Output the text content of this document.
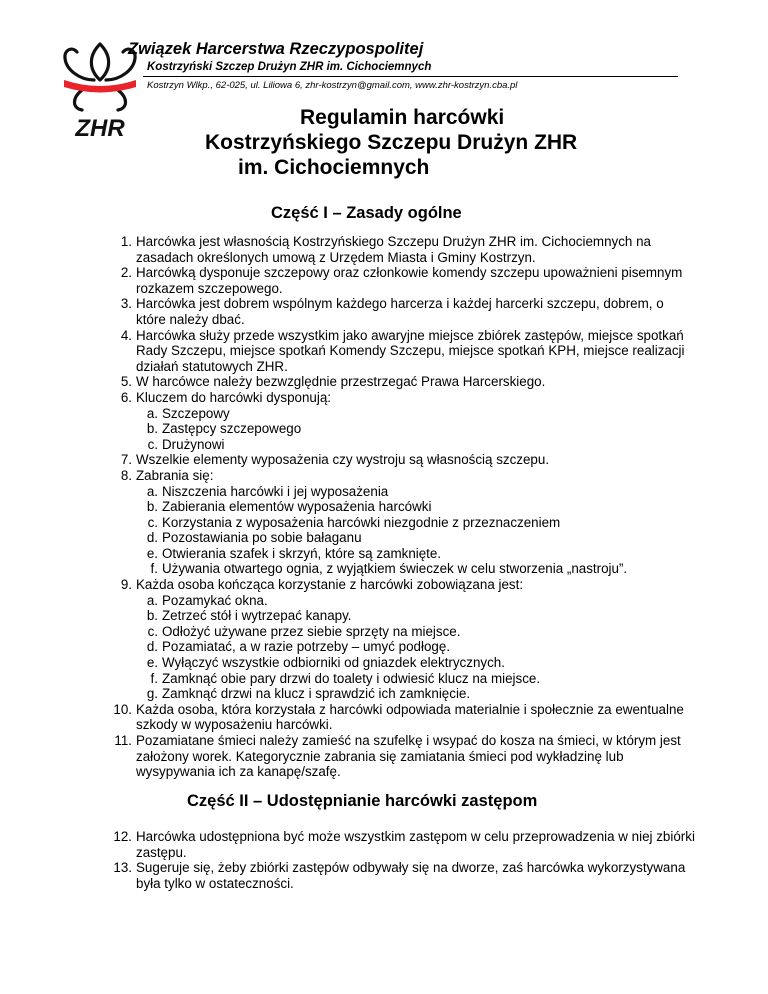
ZHR
Związek Harcerstwa Rzeczypospolitej
Kostrzyński Szczep Drużyn ZHR im. Cichociemnych
Kostrzyn Wlkp., 62-025, ul. Liliowa 6, zhr-kostrzyn@gmail.com, www.zhr-kostrzyn.cba.pl
Regulamin harcówki
Kostrzyńskiego Szczepu Drużyn ZHR
im. Cichociemnych
Część I – Zasady ogólne
1. Harcówka jest własnością Kostrzyńskiego Szczepu Drużyn ZHR im. Cichociemnych na zasadach określonych umową z Urzędem Miasta i Gminy Kostrzyn.
2. Harcówką dysponuje szczepowy oraz członkowie komendy szczepu upoważnieni pisemnym rozkazem szczepowego.
3. Harcówka jest dobrem wspólnym każdego harcerza i każdej harcerki szczepu, dobrem, o które należy dbać.
4. Harcówka służy przede wszystkim jako awaryjne miejsce zbiórek zastępów, miejsce spotkań Rady Szczepu, miejsce spotkań Komendy Szczepu, miejsce spotkań KPH, miejsce realizacji działań statutowych ZHR.
5. W harcówce należy bezwzględnie przestrzegać Prawa Harcerskiego.
6. Kluczem do harcówki dysponują:
a. Szczepowy
b. Zastępcy szczepowego
c. Drużynowi
7. Wszelkie elementy wyposażenia czy wystroju są własnością szczepu.
8. Zabrania się:
a. Niszczenia harcówki i jej wyposażenia
b. Zabierania elementów wyposażenia harcówki
c. Korzystania z wyposażenia harcówki niezgodnie z przeznaczeniem
d. Pozostawiania po sobie bałaganu
e. Otwierania szafek i skrzyń, które są zamknięte.
f. Używania otwartego ognia, z wyjątkiem świeczek w celu stworzenia „nastroju”.
9. Każda osoba kończąca korzystanie z harcówki zobowiązana jest:
a. Pozamykać okna.
b. Zetrzeć stół i wytrzepać kanapy.
c. Odłożyć używane przez siebie sprzęty na miejsce.
d. Pozamiatać, a w razie potrzeby – umyć podłogę.
e. Wyłączyć wszystkie odbiorniki od gniazdek elektrycznych.
f. Zamknąć obie pary drzwi do toalety i odwiesić klucz na miejsce.
g. Zamknąć drzwi na klucz i sprawdzić ich zamknięcie.
10. Każda osoba, która korzystała z harcówki odpowiada materialnie i społecznie za ewentualne szkody w wyposażeniu harcówki.
11. Pozamiatane śmieci należy zamieść na szufelkę i wsypać do kosza na śmieci, w którym jest założony worek. Kategorycznie zabrania się zamiatania śmieci pod wykładzinę lub wysypywania ich za kanapę/szafę.
Część II – Udostępnianie harcówki zastępom
12. Harcówka udostępniona być może wszystkim zastępom w celu przeprowadzenia w niej zbiórki zastępu.
13. Sugeruje się, żeby zbiórki zastępów odbywały się na dworze, zaś harcówka wykorzystywana była tylko w ostateczności.
